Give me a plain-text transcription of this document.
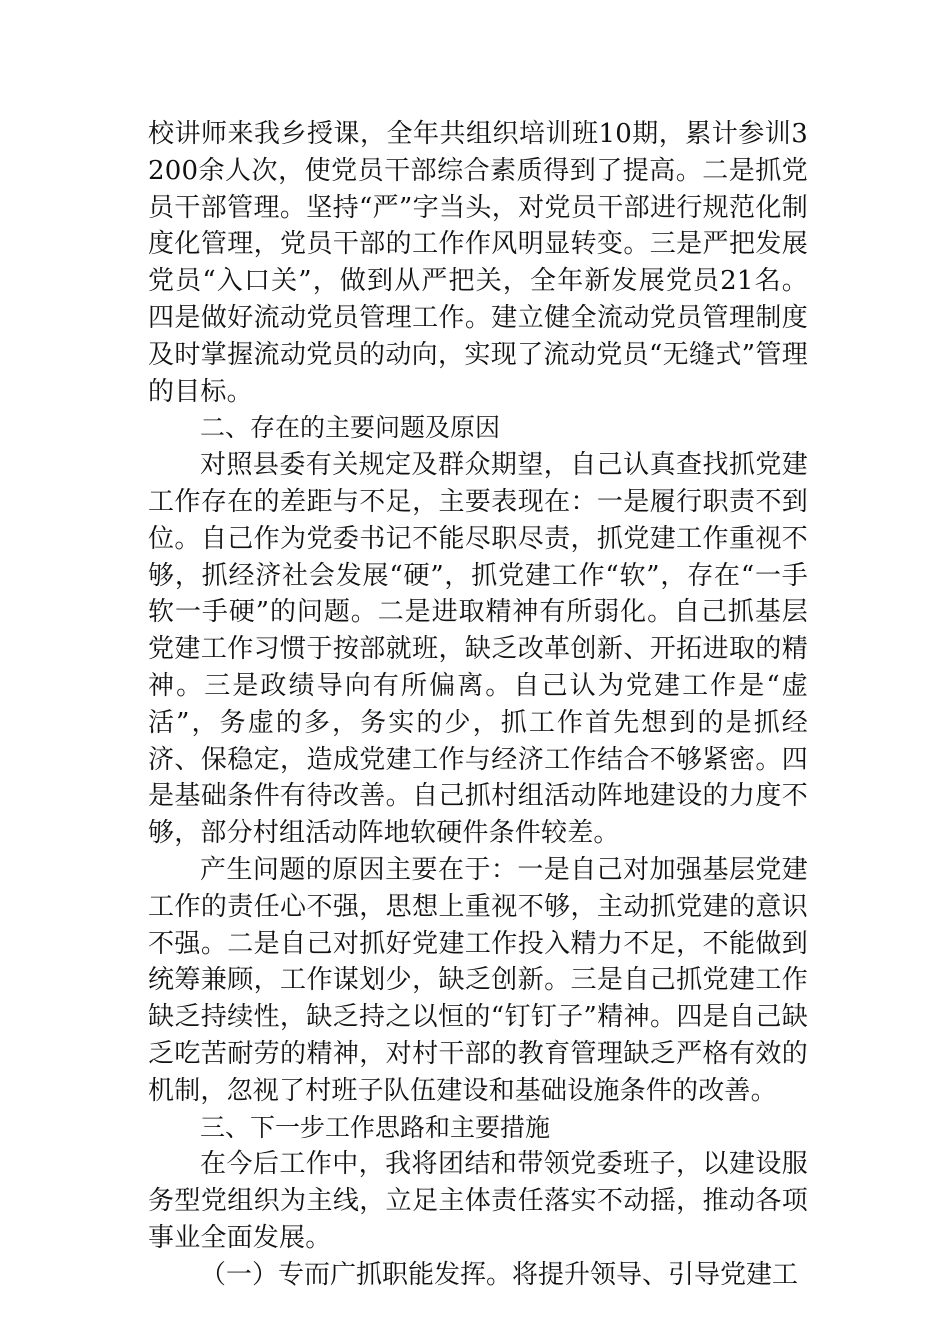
校讲师来我乡授课，全年共组织培训班10期，累计参训3200余人次，使党员干部综合素质得到了提高。二是抓党员干部管理。坚持“严”字当头，对党员干部进行规范化制度化管理，党员干部的工作作风明显转变。三是严把发展党员“入口关”，做到从严把关，全年新发展党员21名。四是做好流动党员管理工作。建立健全流动党员管理制度及时掌握流动党员的动向，实现了流动党员“无缝式”管理的目标。

二、存在的主要问题及原因

对照县委有关规定及群众期望，自己认真查找抓党建工作存在的差距与不足，主要表现在：一是履行职责不到位。自己作为党委书记不能尽职尽责，抓党建工作重视不够，抓经济社会发展“硬”，抓党建工作“软”，存在“一手软一手硬”的问题。二是进取精神有所弱化。自己抓基层党建工作习惯于按部就班，缺乏改革创新、开拓进取的精神。三是政绩导向有所偏离。自己认为党建工作是“虚活”，务虚的多，务实的少，抓工作首先想到的是抓经济、保稳定，造成党建工作与经济工作结合不够紧密。四是基础条件有待改善。自己抓村组活动阵地建设的力度不够，部分村组活动阵地软硬件条件较差。

产生问题的原因主要在于：一是自己对加强基层党建工作的责任心不强，思想上重视不够，主动抓党建的意识不强。二是自己对抓好党建工作投入精力不足，不能做到统筹兼顾，工作谋划少，缺乏创新。三是自己抓党建工作缺乏持续性，缺乏持之以恒的“钉钉子”精神。四是自己缺乏吃苦耐劳的精神，对村干部的教育管理缺乏严格有效的机制，忽视了村班子队伍建设和基础设施条件的改善。

三、下一步工作思路和主要措施

在今后工作中，我将团结和带领党委班子，以建设服务型党组织为主线，立足主体责任落实不动摇，推动各项事业全面发展。

（一）专而广抓职能发挥。将提升领导、引导党建工
